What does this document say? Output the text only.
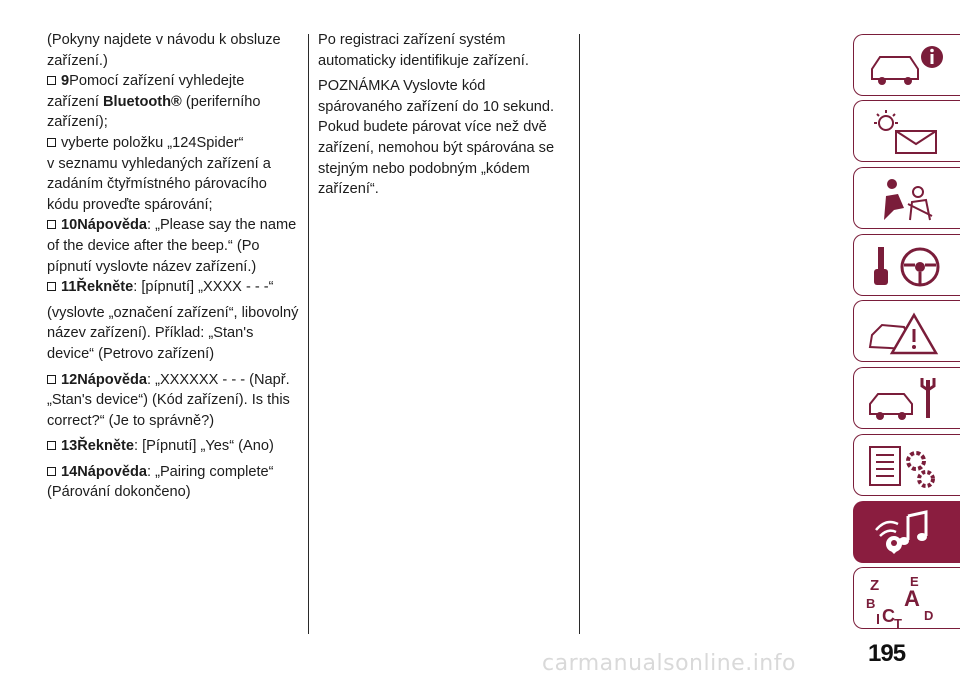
(Pokyny najdete v návodu k obsluze zařízení.)

9Pomocí zařízení vyhledejte zařízení Bluetooth® (periferního zařízení);

vyberte položku „124Spider“

v seznamu vyhledaných zařízení a zadáním čtyřmístného párovacího kódu proveďte spárování;

10Nápověda: „Please say the name of the device after the beep.“ (Po pípnutí vyslovte název zařízení.)

11Řekněte: [pípnutí] „XXXX - - -“

(vyslovte „označení zařízení“, libovolný název zařízení). Příklad: „Stan's device“ (Petrovo zařízení)

12Nápověda: „XXXXXX - - - (Např. „Stan's device“) (Kód zařízení). Is this correct?“ (Je to správně?)

13Řekněte: [Pípnutí] „Yes“ (Ano)

14Nápověda: „Pairing complete“

(Párování dokončeno)

Po registraci zařízení systém automaticky identifikuje zařízení.

POZNÁMKA Vyslovte kód spárovaného zařízení do 10 sekund. Pokud budete párovat více než dvě zařízení, nemohou být spárována se stejným nebo podobným „kódem zařízení“.

Z E
B A
C D
T
195
carmanualsonline.info
